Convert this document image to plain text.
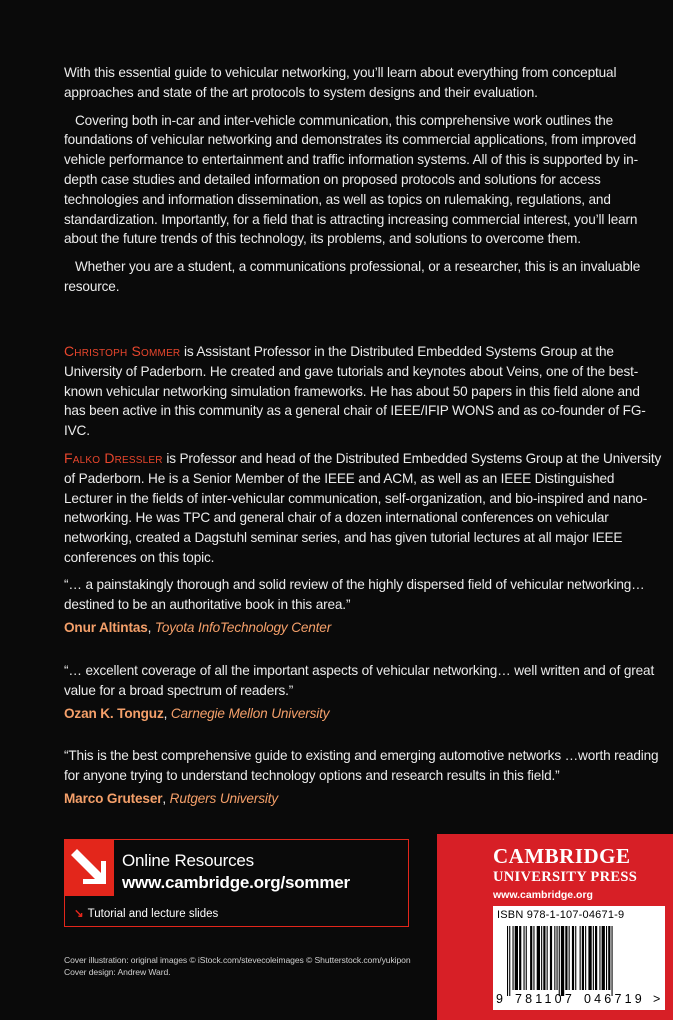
With this essential guide to vehicular networking, you’ll learn about everything from conceptual approaches and state of the art protocols to system designs and their evaluation.

Covering both in-car and inter-vehicle communication, this comprehensive work outlines the foundations of vehicular networking and demonstrates its commercial applications, from improved vehicle performance to entertainment and traffic information systems. All of this is supported by in-depth case studies and detailed information on proposed protocols and solutions for access technologies and information dissemination, as well as topics on rulemaking, regulations, and standardization. Importantly, for a field that is attracting increasing commercial interest, you’ll learn about the future trends of this technology, its problems, and solutions to overcome them.

Whether you are a student, a communications professional, or a researcher, this is an invaluable resource.

Christoph Sommer is Assistant Professor in the Distributed Embedded Systems Group at the University of Paderborn. He created and gave tutorials and keynotes about Veins, one of the best-known vehicular networking simulation frameworks. He has about 50 papers in this field alone and has been active in this community as a general chair of IEEE/IFIP WONS and as co-founder of FG-IVC.

Falko Dressler is Professor and head of the Distributed Embedded Systems Group at the University of Paderborn. He is a Senior Member of the IEEE and ACM, as well as an IEEE Distinguished Lecturer in the fields of inter-vehicular communication, self-organization, and bio-inspired and nano-networking. He was TPC and general chair of a dozen international conferences on vehicular networking, created a Dagstuhl seminar series, and has given tutorial lectures at all major IEEE conferences on this topic.

“… a painstakingly thorough and solid review of the highly dispersed field of vehicular networking… destined to be an authoritative book in this area.”
Onur Altintas, Toyota InfoTechnology Center
“… excellent coverage of all the important aspects of vehicular networking… well written and of great value for a broad spectrum of readers.”
Ozan K. Tonguz, Carnegie Mellon University
“This is the best comprehensive guide to existing and emerging automotive networks …worth reading for anyone trying to understand technology options and research results in this field.”
Marco Gruteser, Rutgers University
Online Resources
www.cambridge.org/sommer
↘ Tutorial and lecture slides
Cover illustration: original images © iStock.com/stevecoleimages © Shutterstock.com/yukipon
Cover design: Andrew Ward.
CAMBRIDGE
UNIVERSITY PRESS
www.cambridge.org
ISBN 978-1-107-04671-9
9 781107 046719 >
